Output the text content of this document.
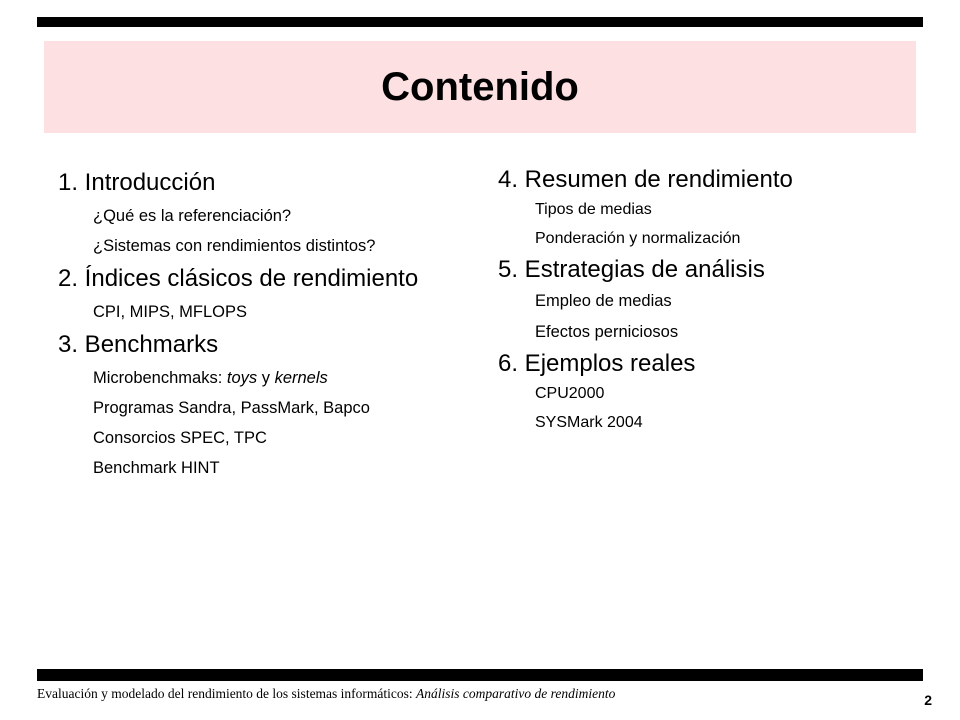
Contenido
1. Introducción
¿Qué es la referenciación?
¿Sistemas con rendimientos distintos?
2. Índices clásicos de rendimiento
CPI, MIPS, MFLOPS
3. Benchmarks
Microbenchmaks: toys y kernels
Programas Sandra, PassMark, Bapco
Consorcios SPEC, TPC
Benchmark HINT
4. Resumen de rendimiento
Tipos de medias
Ponderación y normalización
5. Estrategias de análisis
Empleo de medias
Efectos perniciosos
6. Ejemplos reales
CPU2000
SYSMark 2004
Evaluación y modelado del rendimiento de los sistemas informáticos: Análisis comparativo de rendimiento	2
